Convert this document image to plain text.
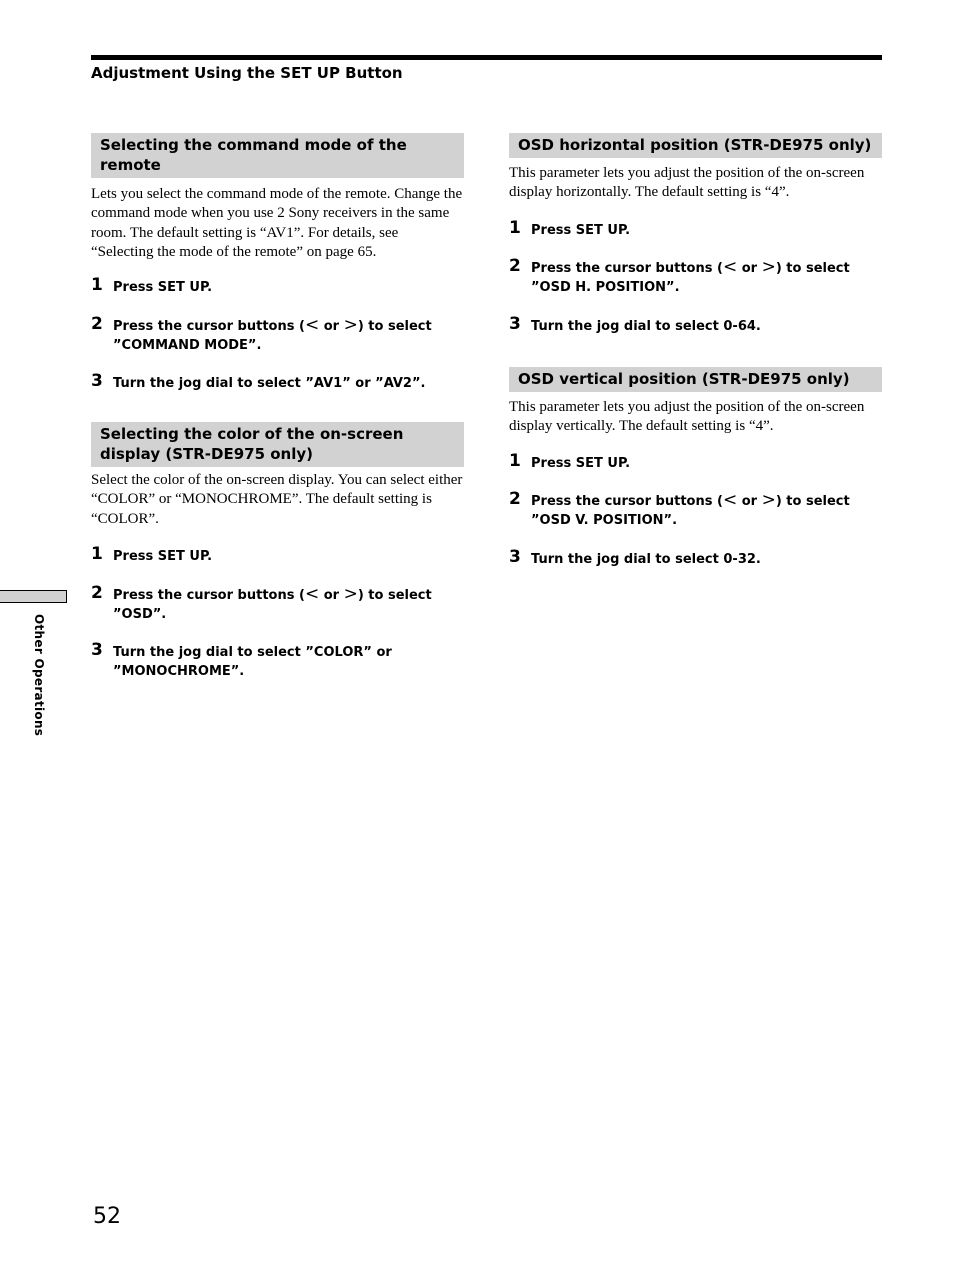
Adjustment Using the SET UP Button
Selecting the command mode of the remote

Lets you select the command mode of the remote. Change the command mode when you use 2 Sony receivers in the same room. The default setting is “AV1”. For details, see “Selecting the mode of the remote” on page 65.

1 Press SET UP.
2 Press the cursor buttons (< or >) to select ”COMMAND MODE”.
3 Turn the jog dial to select ”AV1” or ”AV2”.
Selecting the color of the on-screen display (STR-DE975 only)

Select the color of the on-screen display. You can select either “COLOR” or “MONOCHROME”. The default setting is “COLOR”.

1 Press SET UP.
2 Press the cursor buttons (< or >) to select ”OSD”.
3 Turn the jog dial to select ”COLOR” or ”MONOCHROME”.
OSD horizontal position (STR-DE975 only)

This parameter lets you adjust the position of the on-screen display horizontally. The default setting is “4”.

1 Press SET UP.
2 Press the cursor buttons (< or >) to select ”OSD H. POSITION”.
3 Turn the jog dial to select 0-64.
OSD vertical position (STR-DE975 only)

This parameter lets you adjust the position of the on-screen display vertically. The default setting is “4”.

1 Press SET UP.
2 Press the cursor buttons (< or >) to select ”OSD V. POSITION”.
3 Turn the jog dial to select 0-32.
Other Operations
52
